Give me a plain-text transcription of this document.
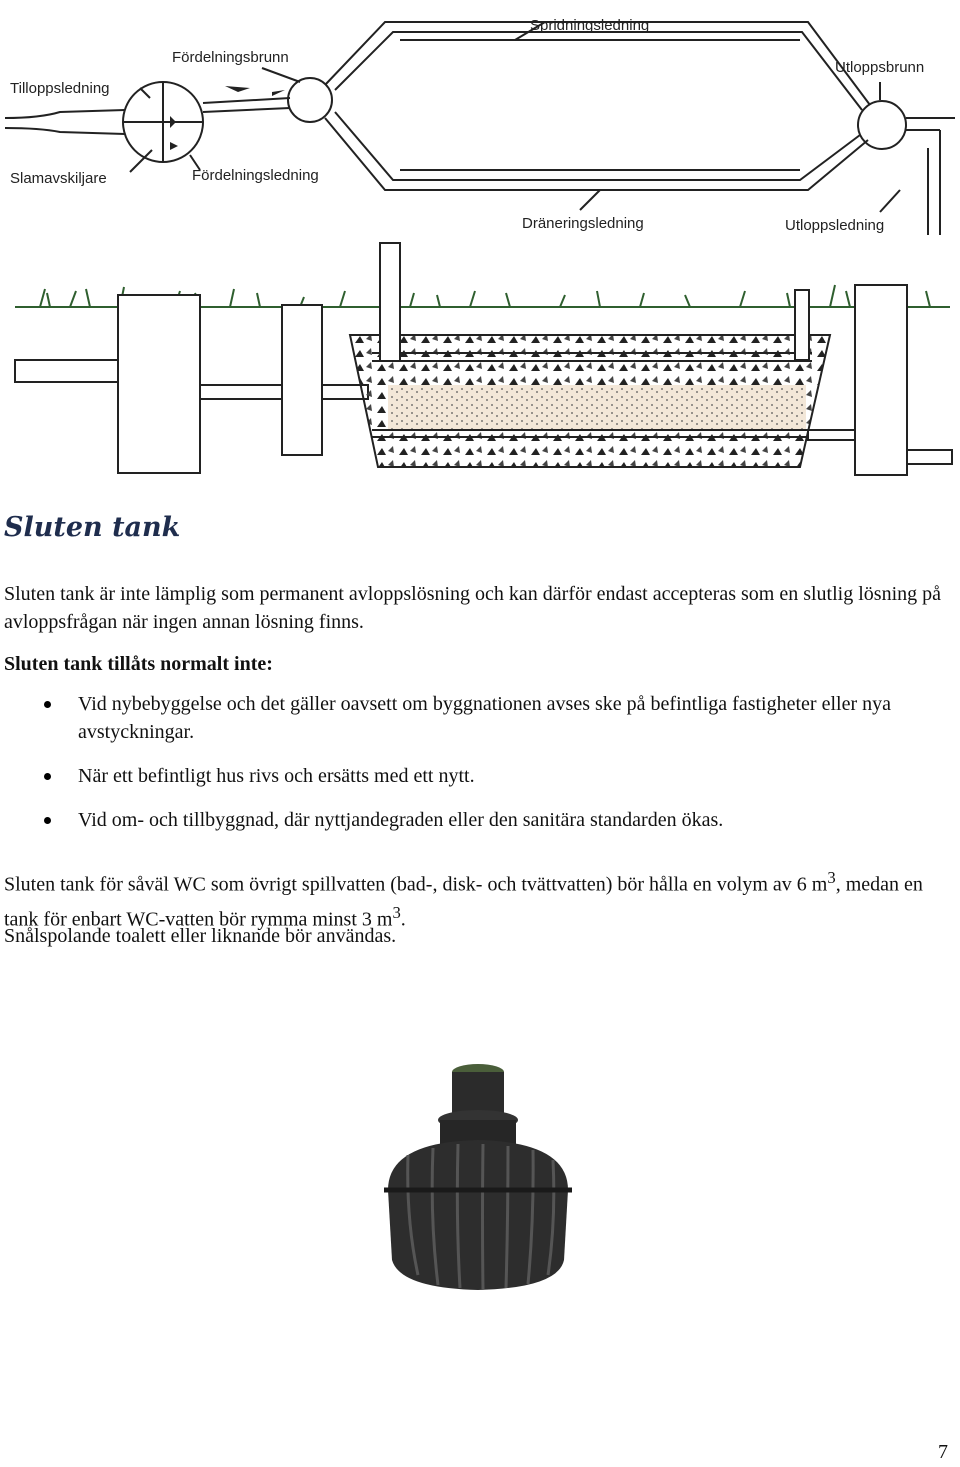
Spridningsledning
Fördelningsbrunn
Tilloppsledning
Utloppsbrunn
Slamavskiljare	Fördelningsledning
Dräneringsledning	Utloppsledning
Sluten tank

Sluten tank är inte lämplig som permanent avloppslösning och kan därför endast accepteras som en slutlig lösning på avloppsfrågan när ingen annan lösning finns.

Sluten tank tillåts normalt inte:

Vid nybebyggelse och det gäller oavsett om byggnationen avses ske på befintliga fastigheter eller nya avstyckningar.
När ett befintligt hus rivs och ersätts med ett nytt.
Vid om- och tillbyggnad, där nyttjandegraden eller den sanitära standarden ökas.

Sluten tank för såväl WC som övrigt spillvatten (bad-, disk- och tvättvatten) bör hålla en volym av 6 $m^3$, medan en tank för enbart WC-vatten bör rymma minst 3 $m^3$.

Snålspolande toalett eller liknande bör användas.

7
